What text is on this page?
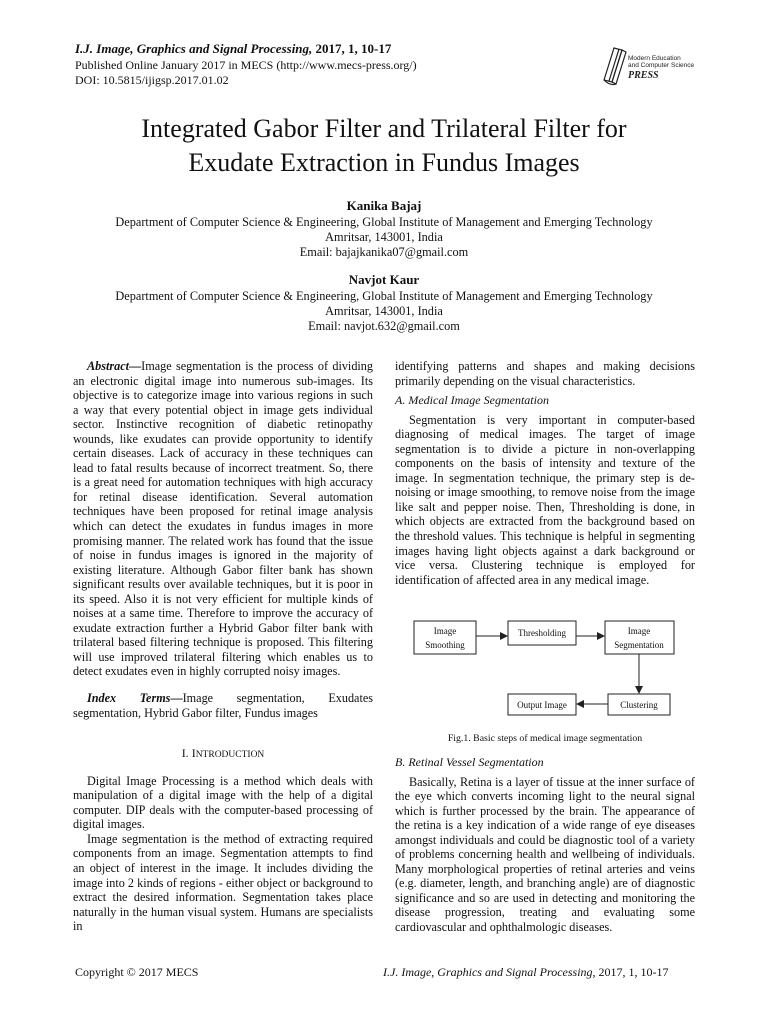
I.J. Image, Graphics and Signal Processing, 2017, 1, 10-17
Published Online January 2017 in MECS (http://www.mecs-press.org/)
DOI: 10.5815/ijigsp.2017.01.02
Modern Education
and Computer Science
PRESS
Integrated Gabor Filter and Trilateral Filter for
Exudate Extraction in Fundus Images
Kanika Bajaj
Department of Computer Science & Engineering, Global Institute of Management and Emerging Technology
Amritsar, 143001, India
Email: bajajkanika07@gmail.com
Navjot Kaur
Department of Computer Science & Engineering, Global Institute of Management and Emerging Technology
Amritsar, 143001, India
Email: navjot.632@gmail.com

Abstract—Image segmentation is the process of dividing an electronic digital image into numerous sub-images. Its objective is to categorize image into various regions in such a way that every potential object in image gets individual sector. Instinctive recognition of diabetic retinopathy wounds, like exudates can provide opportunity to identify certain diseases. Lack of accuracy in these techniques can lead to fatal results because of incorrect treatment. So, there is a great need for automation techniques with high accuracy for retinal disease identification. Several automation techniques have been proposed for retinal image analysis which can detect the exudates in fundus images in more promising manner. The related work has found that the issue of noise in fundus images is ignored in the majority of existing literature. Although Gabor filter bank has shown significant results over available techniques, but it is poor in its speed. Also it is not very efficient for multiple kinds of noises at a same time. Therefore to improve the accuracy of exudate extraction further a Hybrid Gabor filter bank with trilateral based filtering technique is proposed. This filtering will use improved trilateral filtering which enables us to detect exudates even in highly corrupted noisy images.

Index Terms—Image segmentation, Exudates segmentation, Hybrid Gabor filter, Fundus images

I. INTRODUCTION

Digital Image Processing is a method which deals with manipulation of a digital image with the help of a digital computer. DIP deals with the computer-based processing of digital images.

Image segmentation is the method of extracting required components from an image. Segmentation attempts to find an object of interest in the image. It includes dividing the image into 2 kinds of regions - either object or background to extract the desired information. Segmentation takes place naturally in the human visual system. Humans are specialists in

identifying patterns and shapes and making decisions primarily depending on the visual characteristics.

A. Medical Image Segmentation

Segmentation is very important in computer-based diagnosing of medical images. The target of image segmentation is to divide a picture in non-overlapping components on the basis of intensity and texture of the image. In segmentation technique, the primary step is de-noising or image smoothing, to remove noise from the image like salt and pepper noise. Then, Thresholding is done, in which objects are extracted from the background based on the threshold values. This technique is helpful in segmenting images having light objects against a dark background or vice versa. Clustering technique is employed for identification of affected area in any medical image.

Image
Smoothing
Thresholding	Image
Segmentation
Clustering
Output Image
Fig.1. Basic steps of medical image segmentation
B. Retinal Vessel Segmentation

Basically, Retina is a layer of tissue at the inner surface of the eye which converts incoming light to the neural signal which is further processed by the brain. The appearance of the retina is a key indication of a wide range of eye diseases amongst individuals and could be diagnostic tool of a variety of problems concerning health and wellbeing of individuals. Many morphological properties of retinal arteries and veins (e.g. diameter, length, and branching angle) are of diagnostic significance and so are used in detecting and monitoring the disease progression, treating and evaluating some cardiovascular and ophthalmologic diseases.

Copyright © 2017 MECS	I.J. Image, Graphics and Signal Processing, 2017, 1, 10-17
